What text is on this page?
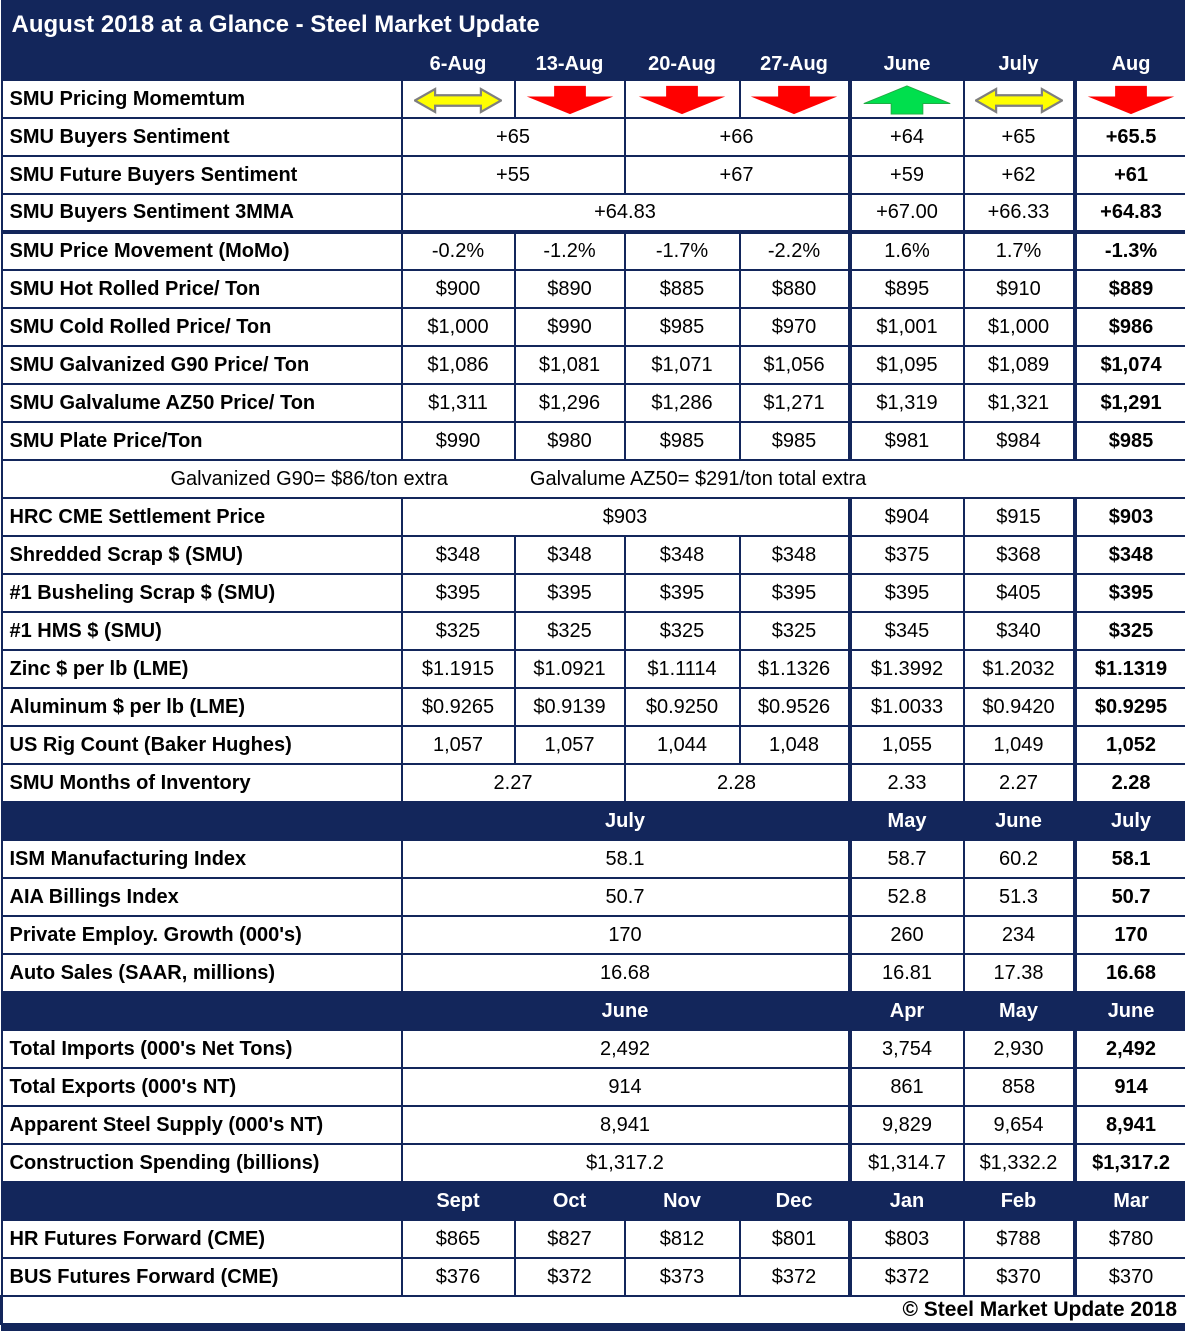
August 2018 at a Glance - Steel Market Update							
	6-Aug	13-Aug	20-Aug	27-Aug	June	July	Aug
SMU Pricing Momemtum	

SMU Buyers Sentiment	+65		+66		+64	+65	+65.5
SMU Future Buyers Sentiment	+55		+67		+59	+62	+61
SMU Buyers Sentiment 3MMA	+64.83				+67.00	+66.33	+64.83
SMU Price Movement (MoMo)	-0.2%	-1.2%	-1.7%	-2.2%	1.6%	1.7%	-1.3%
SMU Hot Rolled Price/ Ton	$900	$890	$885	$880	$895	$910	$889
SMU Cold Rolled Price/ Ton	$1,000	$990	$985	$970	$1,001	$1,000	$986
SMU Galvanized G90 Price/ Ton	$1,086	$1,081	$1,071	$1,056	$1,095	$1,089	$1,074
SMU Galvalume AZ50 Price/ Ton	$1,311	$1,296	$1,286	$1,271	$1,319	$1,321	$1,291
SMU Plate Price/Ton	$990	$980	$985	$985	$981	$984	$985
Galvanized G90= $86/ton extra Galvalume AZ50= $291/ton total extra							
HRC CME Settlement Price	$903				$904	$915	$903
Shredded Scrap $ (SMU)	$348	$348	$348	$348	$375	$368	$348
#1 Busheling Scrap $ (SMU)	$395	$395	$395	$395	$395	$405	$395
#1 HMS $ (SMU)	$325	$325	$325	$325	$345	$340	$325
Zinc $ per lb (LME)	$1.1915	$1.0921	$1.1114	$1.1326	$1.3992	$1.2032	$1.1319
Aluminum $ per lb (LME)	$0.9265	$0.9139	$0.9250	$0.9526	$1.0033	$0.9420	$0.9295
US Rig Count (Baker Hughes)	1,057	1,057	1,044	1,048	1,055	1,049	1,052
SMU Months of Inventory	2.27		2.28		2.33	2.27	2.28
	July				May	June	July
ISM Manufacturing Index	58.1				58.7	60.2	58.1
AIA Billings Index	50.7				52.8	51.3	50.7
Private Employ. Growth (000's)	170				260	234	170
Auto Sales (SAAR, millions)	16.68				16.81	17.38	16.68
	June				Apr	May	June
Total Imports (000's Net Tons)	2,492				3,754	2,930	2,492
Total Exports (000's NT)	914				861	858	914
Apparent Steel Supply (000's NT)	8,941				9,829	9,654	8,941
Construction Spending (billions)	$1,317.2				$1,314.7	$1,332.2	$1,317.2
	Sept	Oct	Nov	Dec	Jan	Feb	Mar
HR Futures Forward (CME)	$865	$827	$812	$801	$803	$788	$780
BUS Futures Forward (CME)	$376	$372	$373	$372	$372	$370	$370
© Steel Market Update 2018							
